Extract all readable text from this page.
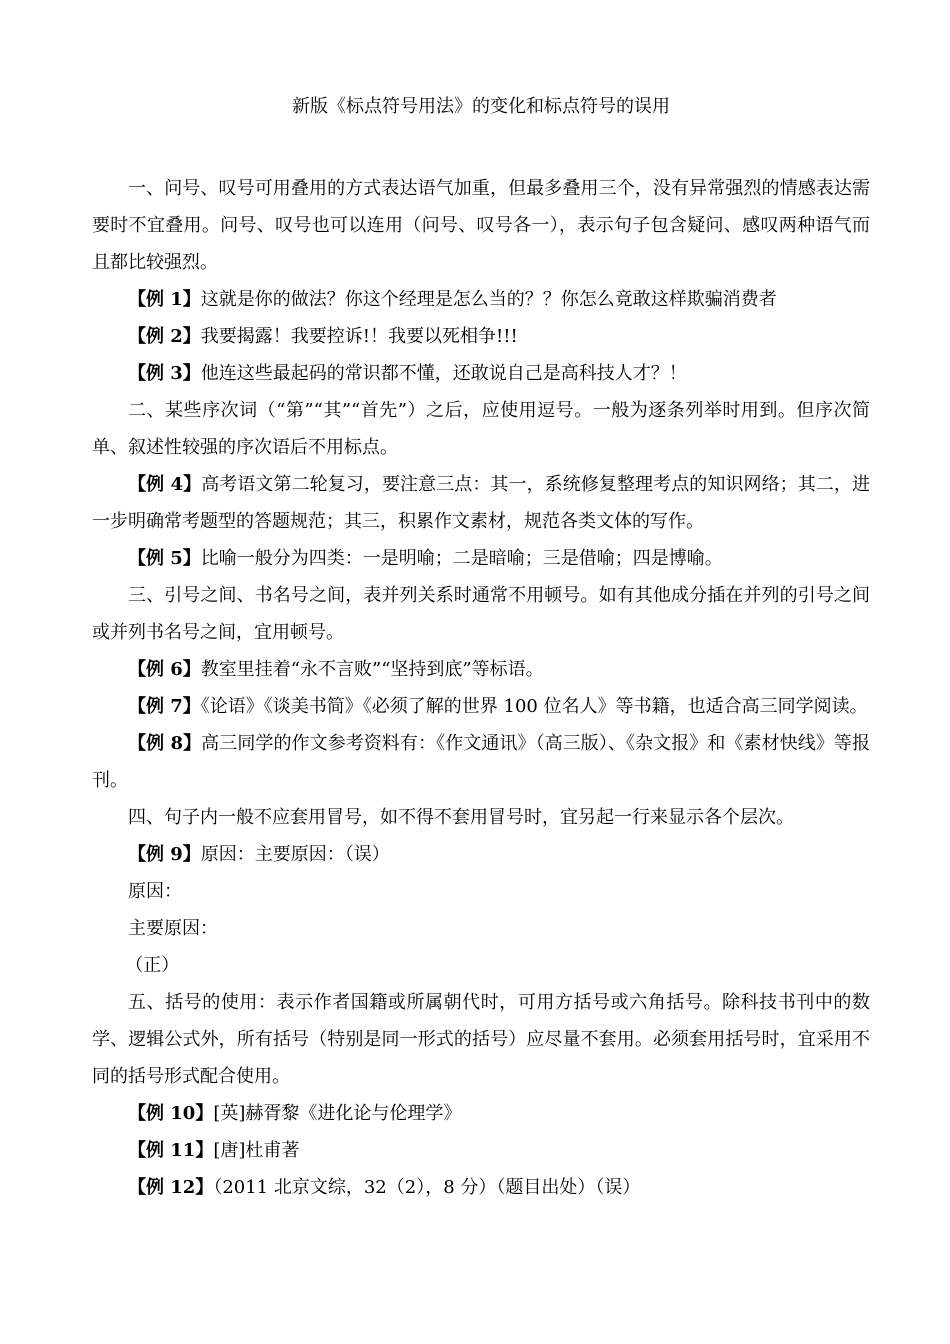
新版《标点符号用法》的变化和标点符号的误用

一、问号、叹号可用叠用的方式表达语气加重，但最多叠用三个，没有异常强烈的情感表达需要时不宜叠用。问号、叹号也可以连用（问号、叹号各一），表示句子包含疑问、感叹两种语气而且都比较强烈。

【例 1】这就是你的做法？你这个经理是怎么当的？？你怎么竟敢这样欺骗消费者

【例 2】我要揭露！我要控诉!！我要以死相争!!!

【例 3】他连这些最起码的常识都不懂，还敢说自己是高科技人才？！

二、某些序次词（“第”“其”“首先”）之后，应使用逗号。一般为逐条列举时用到。但序次简单、叙述性较强的序次语后不用标点。

【例 4】高考语文第二轮复习，要注意三点：其一，系统修复整理考点的知识网络；其二，进一步明确常考题型的答题规范；其三，积累作文素材，规范各类文体的写作。

【例 5】比喻一般分为四类：一是明喻；二是暗喻；三是借喻；四是博喻。

三、引号之间、书名号之间，表并列关系时通常不用顿号。如有其他成分插在并列的引号之间或并列书名号之间，宜用顿号。

【例 6】教室里挂着“永不言败”“坚持到底”等标语。

【例 7】《论语》《谈美书简》《必须了解的世界 100 位名人》等书籍，也适合高三同学阅读。

【例 8】高三同学的作文参考资料有：《作文通讯》（高三版）、《杂文报》和《素材快线》等报刊。

四、句子内一般不应套用冒号，如不得不套用冒号时，宜另起一行来显示各个层次。

【例 9】原因：主要原因：（误）

原因：

主要原因：

（正）

五、括号的使用：表示作者国籍或所属朝代时，可用方括号或六角括号。除科技书刊中的数学、逻辑公式外，所有括号（特别是同一形式的括号）应尽量不套用。必须套用括号时，宜采用不同的括号形式配合使用。

【例 10】[英]赫胥黎《进化论与伦理学》

【例 11】[唐]杜甫著

【例 12】（2011 北京文综，32（2），8 分）（题目出处）（误）
